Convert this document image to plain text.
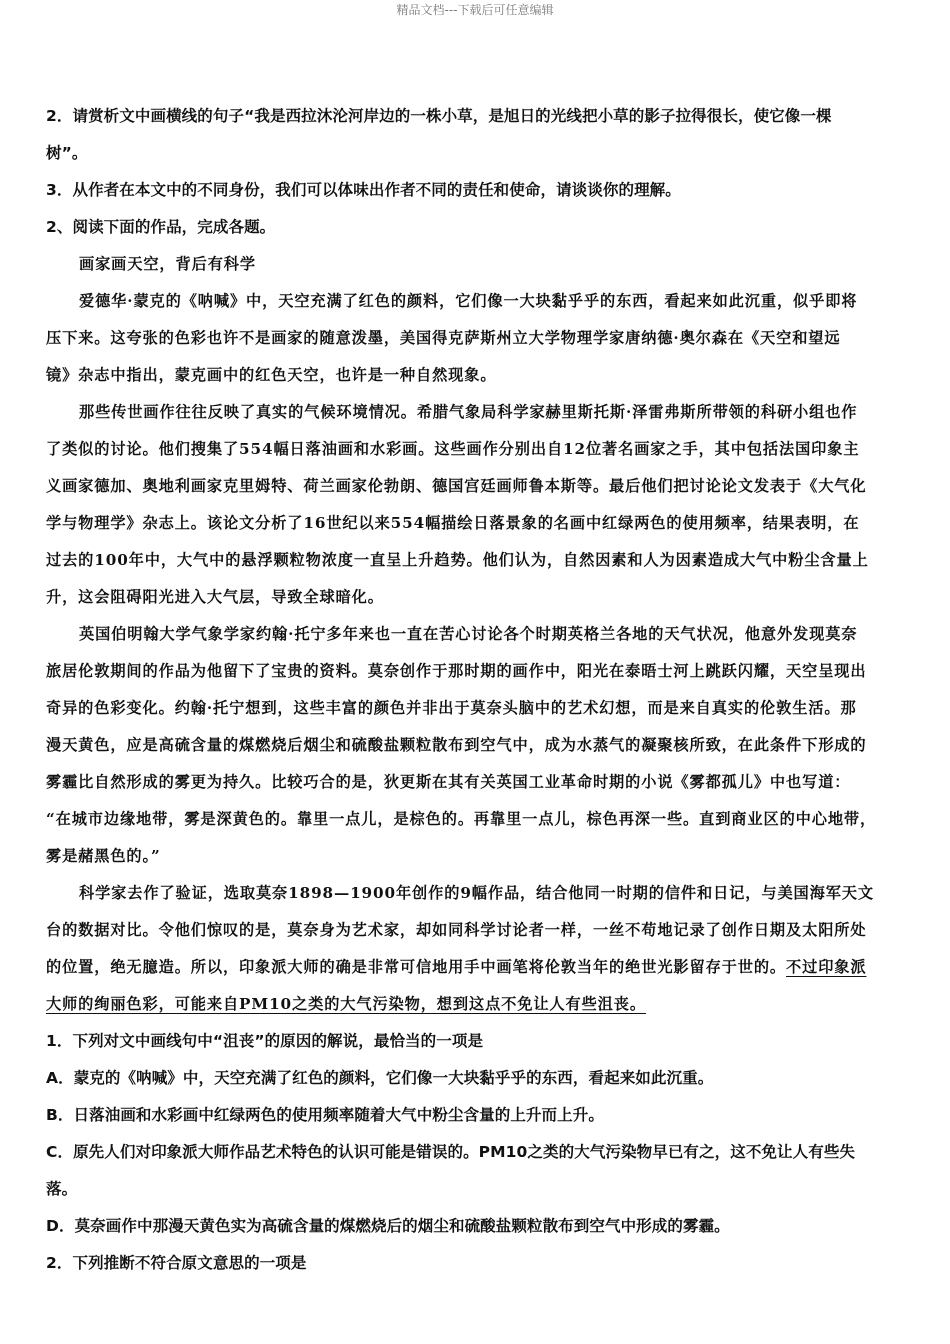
精品文档---下载后可任意编辑
2．请赏析文中画横线的句子“我是西拉沐沦河岸边的一株小草，是旭日的光线把小草的影子拉得很长，使它像一棵
树”。
3．从作者在本文中的不同身份，我们可以体味出作者不同的责任和使命，请谈谈你的理解。
2、阅读下面的作品，完成各题。
画家画天空，背后有科学
爱德华·蒙克的《呐喊》中，天空充满了红色的颜料，它们像一大块黏乎乎的东西，看起来如此沉重，似乎即将
压下来。这夸张的色彩也许不是画家的随意泼墨，美国得克萨斯州立大学物理学家唐纳德·奥尔森在《天空和望远
镜》杂志中指出，蒙克画中的红色天空，也许是一种自然现象。
那些传世画作往往反映了真实的气候环境情况。希腊气象局科学家赫里斯托斯·泽雷弗斯所带领的科研小组也作
了类似的讨论。他们搜集了554幅日落油画和水彩画。这些画作分别出自12位著名画家之手，其中包括法国印象主
义画家德加、奥地利画家克里姆特、荷兰画家伦勃朗、德国宫廷画师鲁本斯等。最后他们把讨论论文发表于《大气化
学与物理学》杂志上。该论文分析了16世纪以来554幅描绘日落景象的名画中红绿两色的使用频率，结果表明，在
过去的100年中，大气中的悬浮颗粒物浓度一直呈上升趋势。他们认为，自然因素和人为因素造成大气中粉尘含量上
升，这会阻碍阳光进入大气层，导致全球暗化。
英国伯明翰大学气象学家约翰·托宁多年来也一直在苦心讨论各个时期英格兰各地的天气状况，他意外发现莫奈
旅居伦敦期间的作品为他留下了宝贵的资料。莫奈创作于那时期的画作中，阳光在泰晤士河上跳跃闪耀，天空呈现出
奇异的色彩变化。约翰·托宁想到，这些丰富的颜色并非出于莫奈头脑中的艺术幻想，而是来自真实的伦敦生活。那
漫天黄色，应是高硫含量的煤燃烧后烟尘和硫酸盐颗粒散布到空气中，成为水蒸气的凝聚核所致，在此条件下形成的
雾霾比自然形成的雾更为持久。比较巧合的是，狄更斯在其有关英国工业革命时期的小说《雾都孤儿》中也写道：
“在城市边缘地带，雾是深黄色的。靠里一点儿，是棕色的。再靠里一点儿，棕色再深一些。直到商业区的中心地带，
雾是赭黑色的。”
科学家去作了验证，选取莫奈1898—1900年创作的9幅作品，结合他同一时期的信件和日记，与美国海军天文
台的数据对比。令他们惊叹的是，莫奈身为艺术家，却如同科学讨论者一样，一丝不苟地记录了创作日期及太阳所处
的位置，绝无臆造。所以，印象派大师的确是非常可信地用手中画笔将伦敦当年的绝世光影留存于世的。不过印象派
大师的绚丽色彩，可能来自PM10之类的大气污染物，想到这点不免让人有些沮丧。
1．下列对文中画线句中“沮丧”的原因的解说，最恰当的一项是
A．蒙克的《呐喊》中，天空充满了红色的颜料，它们像一大块黏乎乎的东西，看起来如此沉重。
B．日落油画和水彩画中红绿两色的使用频率随着大气中粉尘含量的上升而上升。
C．原先人们对印象派大师作品艺术特色的认识可能是错误的。PM10之类的大气污染物早已有之，这不免让人有些失
落。
D．莫奈画作中那漫天黄色实为高硫含量的煤燃烧后的烟尘和硫酸盐颗粒散布到空气中形成的雾霾。
2．下列推断不符合原文意思的一项是
